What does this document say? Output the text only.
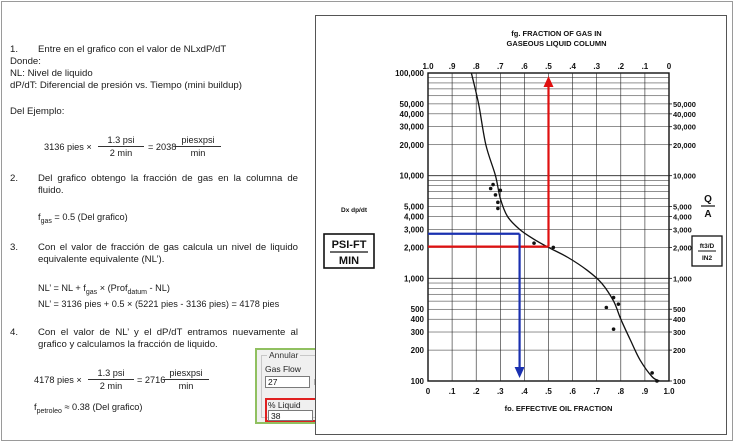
1. Entre en el grafico con el valor de NLxdP/dT
Donde:
NL: Nivel de liquido
dP/dT: Diferencial de presión vs. Tiempo (mini buildup)
Del Ejemplo:
3136 pies ×
1.3 psi
2 min
= 2038
piesxpsi
min
2. Del grafico obtengo la fracción de gas en la columna de fluido.
$f_{gas} = 0.5$ (Del grafico)
3. Con el valor de fracción de gas calcula un nivel de liquido equivalente equivalente (NL’).
NL’ = NL + $f_{gas}$ × (Prof$_{datum}$ - NL)
NL’ = 3136 pies + 0.5 × (5221 pies - 3136 pies) = 4178 pies
4. Con el valor de NL’ y el dP/dT entramos nuevamente al grafico y calculamos la fracción de liquido.
4178 pies ×
1.3 psi
2 min
= 2716
piesxpsi
min
$f_{petroleo} \approx 0.38$ (Del grafico)
Annular
Gas Flow
27
% Liquid
38
0 .1 .2 .3 .4 .5 .6 .7 .8 .9 1.0
1.0 .9 .8 .7 .6 .5 .4 .3 .2 .1 0
100,000
50,000
40,000
30,000
20,000
10,000
5,000
4,000
3,000
2,000
1,000
500
400
300
200
100
50,000
40,000
30,000
20,000
10,000
5,000
4,000
3,000
2,000
1,000
500
400
300
200
100
fg. FRACTION OF GAS IN
GASEOUS LIQUID COLUMN
fo. EFFECTIVE OIL FRACTION
Dx dp/dt
PSI-FT
MIN
Q
A
ft3/D
IN2
